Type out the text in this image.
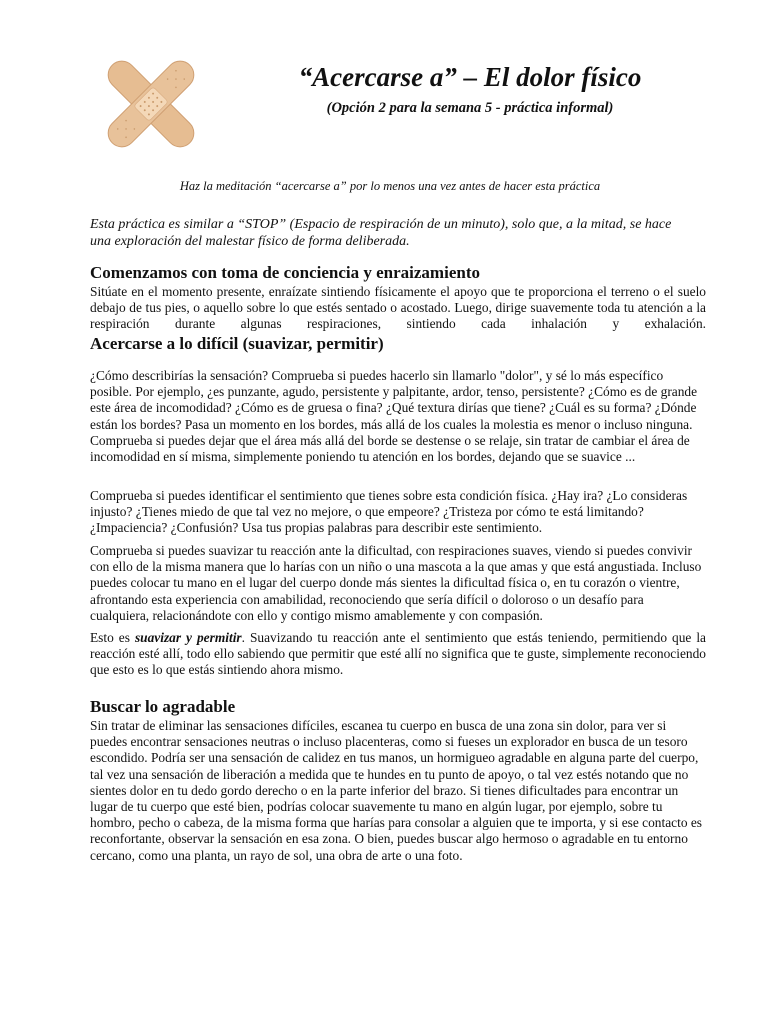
“Acercarse a” – El dolor físico
(Opción 2 para la semana 5 - práctica informal)

Haz la meditación “acercarse a” por lo menos una vez antes de hacer esta práctica

Esta práctica es similar a “STOP” (Espacio de respiración de un minuto), solo que, a la mitad, se hace una exploración del malestar físico de forma deliberada.

Comenzamos con toma de conciencia y enraizamiento

Sitúate en el momento presente, enraízate sintiendo físicamente el apoyo que te proporciona el terreno o el suelo debajo de tus pies, o aquello sobre lo que estés sentado o acostado. Luego, dirige suavemente toda tu atención a la respiración durante algunas respiraciones, sintiendo cada inhalación y exhalación.

Acercarse a lo difícil (suavizar, permitir)

¿Cómo describirías la sensación? Comprueba si puedes hacerlo sin llamarlo "dolor", y sé lo más específico posible. Por ejemplo, ¿es punzante, agudo, persistente y palpitante, ardor, tenso, persistente? ¿Cómo es de grande este área de incomodidad? ¿Cómo es de gruesa o fina? ¿Qué textura dirías que tiene? ¿Cuál es su forma? ¿Dónde están los bordes? Pasa un momento en los bordes, más allá de los cuales la molestia es menor o incluso ninguna. Comprueba si puedes dejar que el área más allá del borde se destense o se relaje, sin tratar de cambiar el área de incomodidad en sí misma, simplemente poniendo tu atención en los bordes, dejando que se suavice ...

Comprueba si puedes identificar el sentimiento que tienes sobre esta condición física. ¿Hay ira? ¿Lo consideras injusto? ¿Tienes miedo de que tal vez no mejore, o que empeore? ¿Tristeza por cómo te está limitando? ¿Impaciencia? ¿Confusión? Usa tus propias palabras para describir este sentimiento.

Comprueba si puedes suavizar tu reacción ante la dificultad, con respiraciones suaves, viendo si puedes convivir con ello de la misma manera que lo harías con un niño o una mascota a la que amas y que está angustiada. Incluso puedes colocar tu mano en el lugar del cuerpo donde más sientes la dificultad física o, en tu corazón o vientre, afrontando esta experiencia con amabilidad, reconociendo que sería difícil o doloroso o un desafío para cualquiera, relacionándote con ello y contigo mismo amablemente y con compasión.

Esto es suavizar y permitir. Suavizando tu reacción ante el sentimiento que estás teniendo, permitiendo que la reacción esté allí, todo ello sabiendo que permitir que esté allí no significa que te guste, simplemente reconociendo que esto es lo que estás sintiendo ahora mismo.

Buscar lo agradable

Sin tratar de eliminar las sensaciones difíciles, escanea tu cuerpo en busca de una zona sin dolor, para ver si puedes encontrar sensaciones neutras o incluso placenteras, como si fueses un explorador en busca de un tesoro escondido. Podría ser una sensación de calidez en tus manos, un hormigueo agradable en alguna parte del cuerpo, tal vez una sensación de liberación a medida que te hundes en tu punto de apoyo, o tal vez estés notando que no sientes dolor en tu dedo gordo derecho o en la parte inferior del brazo. Si tienes dificultades para encontrar un lugar de tu cuerpo que esté bien, podrías colocar suavemente tu mano en algún lugar, por ejemplo, sobre tu hombro, pecho o cabeza, de la misma forma que harías para consolar a alguien que te importa, y si ese contacto es reconfortante, observar la sensación en esa zona. O bien, puedes buscar algo hermoso o agradable en tu entorno cercano, como una planta, un rayo de sol, una obra de arte o una foto.
